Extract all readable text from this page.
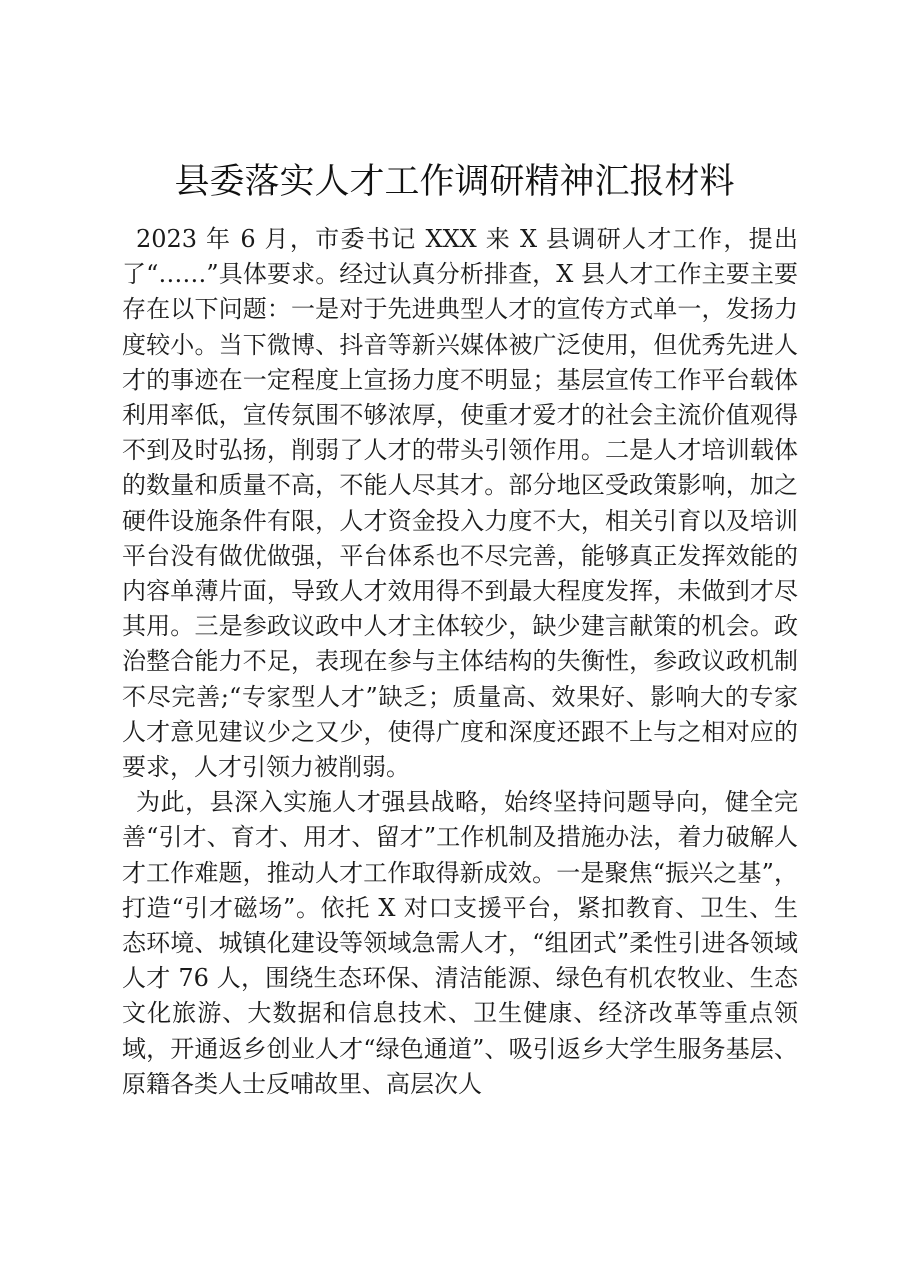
县委落实人才工作调研精神汇报材料

2023 年 6 月，市委书记 XXX 来 X 县调研人才工作，提出了“……”具体要求。经过认真分析排查，X 县人才工作主要主要存在以下问题：一是对于先进典型人才的宣传方式单一，发扬力度较小。当下微博、抖音等新兴媒体被广泛使用，但优秀先进人才的事迹在一定程度上宣扬力度不明显；基层宣传工作平台载体利用率低，宣传氛围不够浓厚，使重才爱才的社会主流价值观得不到及时弘扬，削弱了人才的带头引领作用。二是人才培训载体的数量和质量不高，不能人尽其才。部分地区受政策影响，加之硬件设施条件有限，人才资金投入力度不大，相关引育以及培训平台没有做优做强，平台体系也不尽完善，能够真正发挥效能的内容单薄片面，导致人才效用得不到最大程度发挥，未做到才尽其用。三是参政议政中人才主体较少，缺少建言献策的机会。政治整合能力不足，表现在参与主体结构的失衡性，参政议政机制不尽完善;“专家型人才”缺乏；质量高、效果好、影响大的专家人才意见建议少之又少，使得广度和深度还跟不上与之相对应的要求，人才引领力被削弱。

为此，县深入实施人才强县战略，始终坚持问题导向，健全完善“引才、育才、用才、留才”工作机制及措施办法，着力破解人才工作难题，推动人才工作取得新成效。一是聚焦“振兴之基”，打造“引才磁场”。依托 X 对口支援平台，紧扣教育、卫生、生态环境、城镇化建设等领域急需人才，“组团式”柔性引进各领域人才 76 人，围绕生态环保、清洁能源、绿色有机农牧业、生态文化旅游、大数据和信息技术、卫生健康、经济改革等重点领域，开通返乡创业人才“绿色通道”、吸引返乡大学生服务基层、原籍各类人士反哺故里、高层次人
